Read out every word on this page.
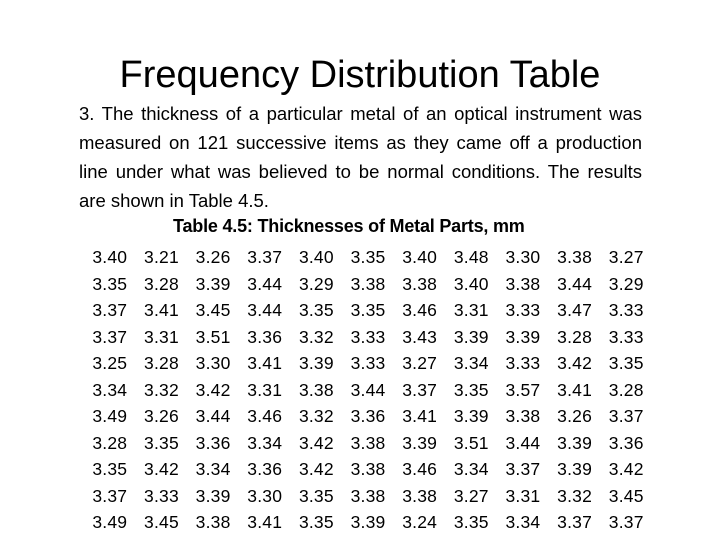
Frequency Distribution Table
3. The thickness of a particular metal of an optical instrument was measured on 121 successive items as they came off a production line under what was believed to be normal conditions. The results are shown in Table 4.5.
Table 4.5: Thicknesses of Metal Parts, mm
3.40 3.21 3.26 3.37 3.40 3.35 3.40 3.48 3.30 3.38 3.27
3.35 3.28 3.39 3.44 3.29 3.38 3.38 3.40 3.38 3.44 3.29
3.37 3.41 3.45 3.44 3.35 3.35 3.46 3.31 3.33 3.47 3.33
3.37 3.31 3.51 3.36 3.32 3.33 3.43 3.39 3.39 3.28 3.33
3.25 3.28 3.30 3.41 3.39 3.33 3.27 3.34 3.33 3.42 3.35
3.34 3.32 3.42 3.31 3.38 3.44 3.37 3.35 3.57 3.41 3.28
3.49 3.26 3.44 3.46 3.32 3.36 3.41 3.39 3.38 3.26 3.37
3.28 3.35 3.36 3.34 3.42 3.38 3.39 3.51 3.44 3.39 3.36
3.35 3.42 3.34 3.36 3.42 3.38 3.46 3.34 3.37 3.39 3.42
3.37 3.33 3.39 3.30 3.35 3.38 3.38 3.27 3.31 3.32 3.45
3.49 3.45 3.38 3.41 3.35 3.39 3.24 3.35 3.34 3.37 3.37
